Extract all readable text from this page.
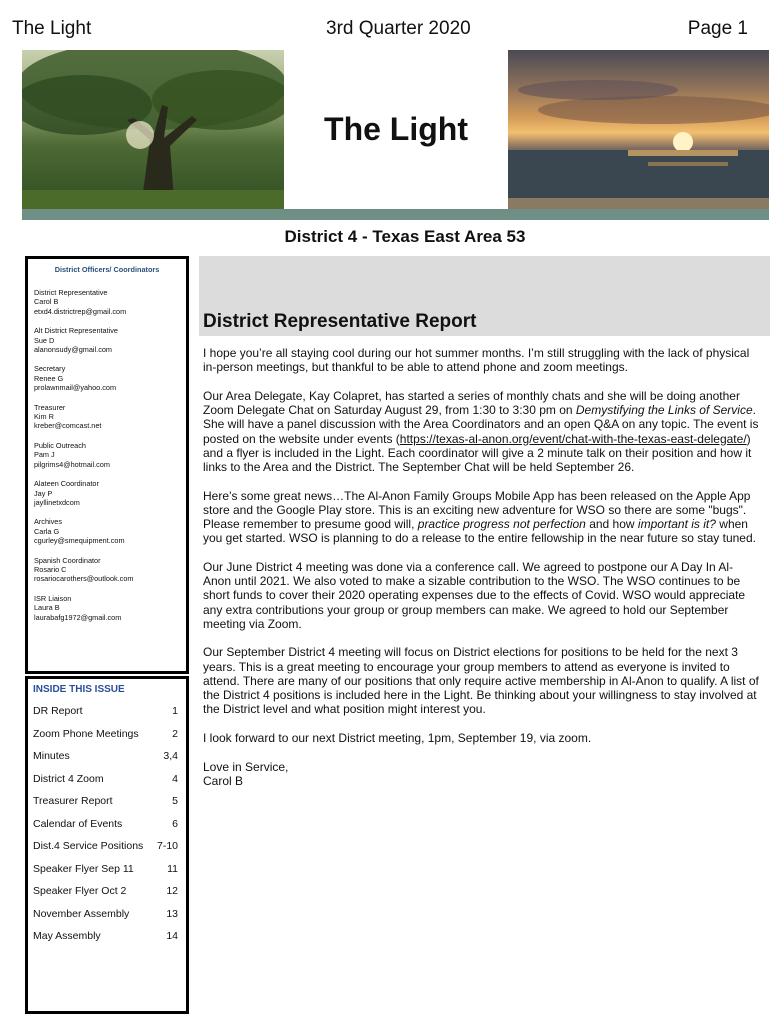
The Light	3rd Quarter 2020	Page 1
The Light
District 4 - Texas East Area 53
District Officers/ Coordinators
District Representative
Carol B
etxd4.districtrep@gmail.com
Alt District Representative
Sue D
alanonsudy@gmail.com
Secretary
Renee G
prolawnmail@yahoo.com
Treasurer
Kim R
kreber@comcast.net
Public Outreach
Pam J
pilgrims4@hotmail.com
Alateen Coordinator
Jay P
jayllinetxdcom
Archives
Carla G
cgurley@smequipment.com
Spanish Coordinator
Rosario C
rosariocarothers@outlook.com
ISR Liaison
Laura B
laurabafg1972@gmail.com
INSIDE THIS ISSUE
DR Report	1
Zoom Phone Meetings	2
Minutes	3,4
District 4 Zoom	4
Treasurer Report	5
Calendar of Events	6
Dist.4 Service Positions 7-10
Speaker Flyer Sep 11	11
Speaker Flyer Oct 2	12
November Assembly	13
May Assembly	14
District Representative Report

I hope you’re all staying cool during our hot summer months. I’m still struggling with the lack of physical in-person meetings, but thankful to be able to attend phone and zoom meetings.

Our Area Delegate, Kay Colapret, has started a series of monthly chats and she will be doing another Zoom Delegate Chat on Saturday August 29, from 1:30 to 3:30 pm on Demystifying the Links of Service. She will have a panel discussion with the Area Coordinators and an open Q&A on any topic. The event is posted on the website under events (https://texas-al-anon.org/event/chat-with-the-texas-east-delegate/) and a flyer is included in the Light. Each coordinator will give a 2 minute talk on their position and how it links to the Area and the District. The September Chat will be held September 26.

Here’s some great news…The Al-Anon Family Groups Mobile App has been released on the Apple App store and the Google Play store. This is an exciting new adventure for WSO so there are some "bugs". Please remember to presume good will, practice progress not perfection and how important is it? when you get started. WSO is planning to do a release to the entire fellowship in the near future so stay tuned.

Our June District 4 meeting was done via a conference call. We agreed to postpone our A Day In Al-Anon until 2021. We also voted to make a sizable contribution to the WSO. The WSO continues to be short funds to cover their 2020 operating expenses due to the effects of Covid. WSO would appreciate any extra contributions your group or group members can make. We agreed to hold our September meeting via Zoom.

Our September District 4 meeting will focus on District elections for positions to be held for the next 3 years. This is a great meeting to encourage your group members to attend as everyone is invited to attend. There are many of our positions that only require active membership in Al-Anon to qualify. A list of the District 4 positions is included here in the Light. Be thinking about your willingness to stay involved at the District level and what position might interest you.

I look forward to our next District meeting, 1pm, September 19, via zoom.

Love in Service,
Carol B
